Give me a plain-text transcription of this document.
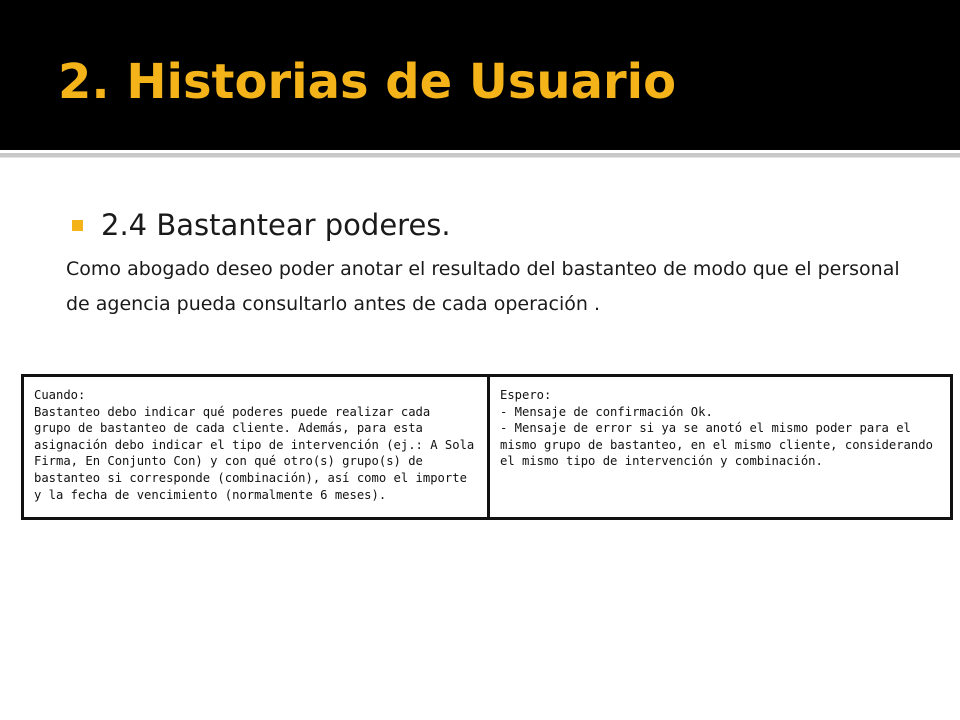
2. Historias de Usuario
2.4 Bastantear poderes.

Como abogado deseo poder anotar el resultado del bastanteo de modo que el personal de agencia pueda consultarlo antes de cada operación .

Cuando:
Bastanteo debo indicar qué poderes puede realizar cada
grupo de bastanteo de cada cliente. Además, para esta
asignación debo indicar el tipo de intervención (ej.: A Sola
Firma, En Conjunto Con) y con qué otro(s) grupo(s) de
bastanteo si corresponde (combinación), así como el importe
y la fecha de vencimiento (normalmente 6 meses).
Espero:
- Mensaje de confirmación Ok.
- Mensaje de error si ya se anotó el mismo poder para el
mismo grupo de bastanteo, en el mismo cliente, considerando
el mismo tipo de intervención y combinación.
